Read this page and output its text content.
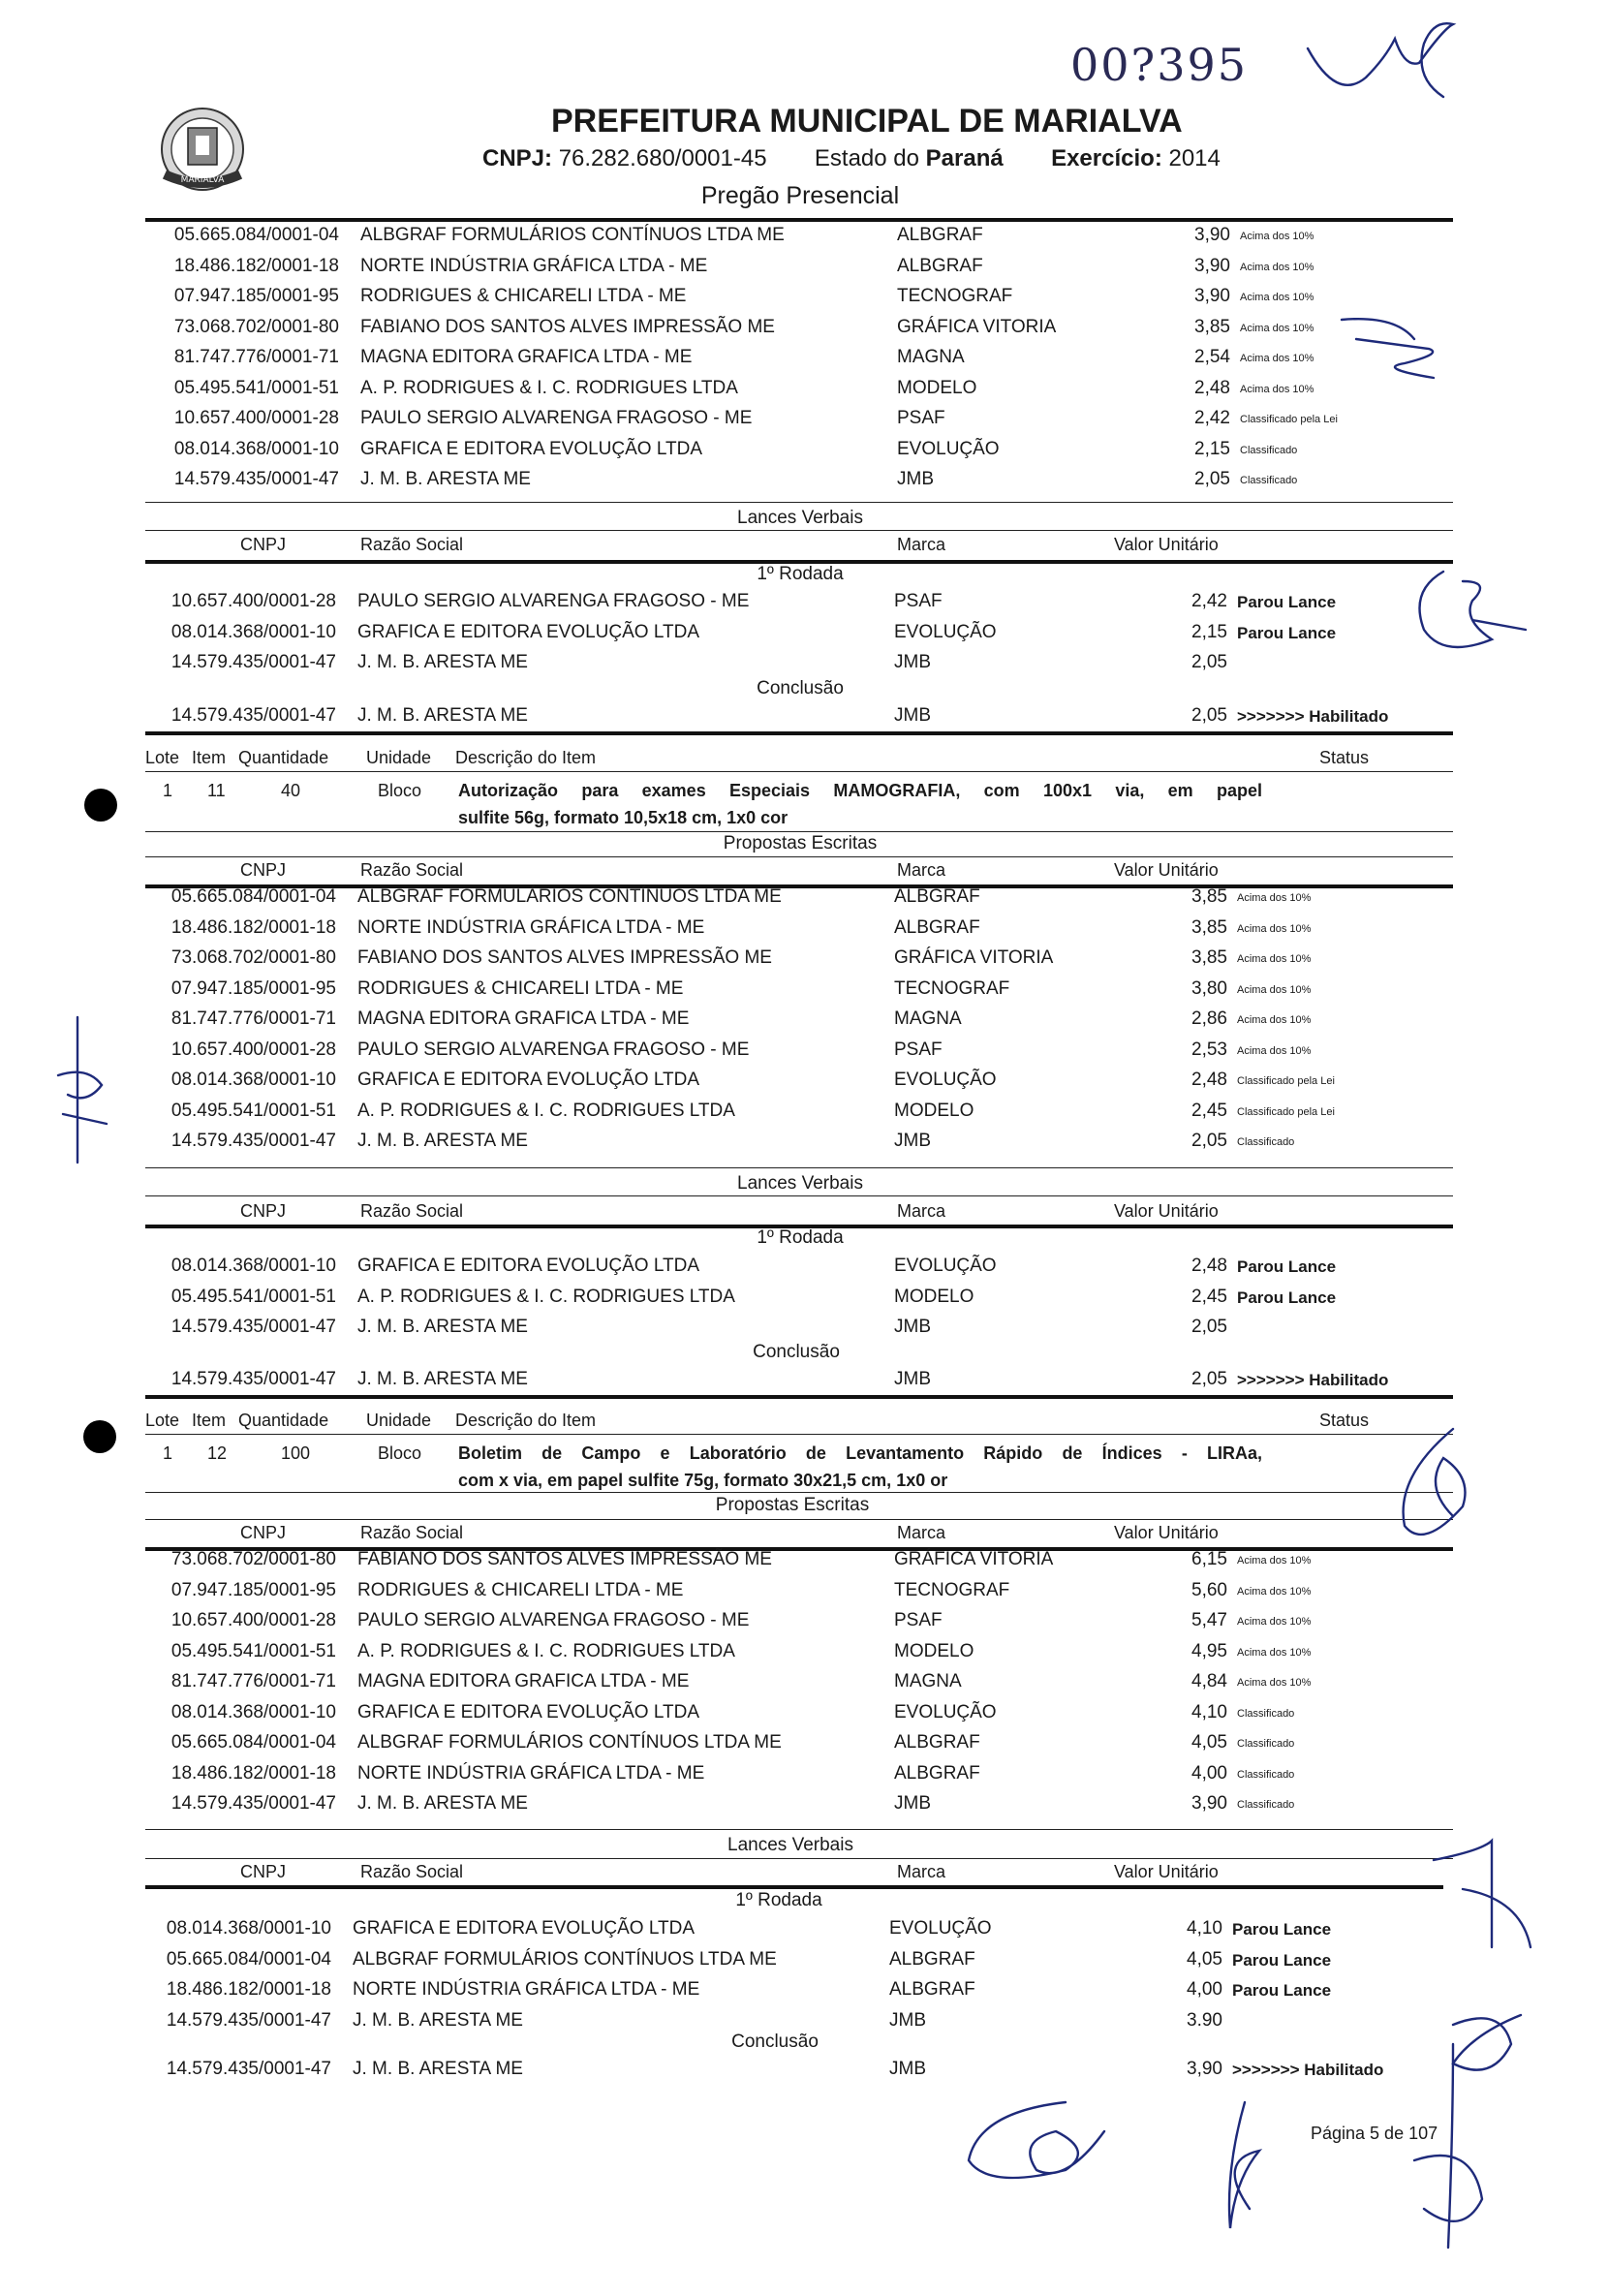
00?395
MARIALVA
PREFEITURA MUNICIPAL DE MARIALVA
CNPJ: 76.282.680/0001-45 Estado do Paraná Exercício: 2014
Pregão Presencial
05.665.084/0001-04 ALBGRAF FORMULÁRIOS CONTÍNUOS LTDA ME	ALBGRAF	3,90 Acima dos 10%
18.486.182/0001-18 NORTE INDÚSTRIA GRÁFICA LTDA - ME	ALBGRAF	3,90 Acima dos 10%
07.947.185/0001-95 RODRIGUES & CHICARELI LTDA - ME	TECNOGRAF	3,90 Acima dos 10%
73.068.702/0001-80 FABIANO DOS SANTOS ALVES IMPRESSÃO ME	GRÁFICA VITORIA	3,85 Acima dos 10%
81.747.776/0001-71 MAGNA EDITORA GRAFICA LTDA - ME	MAGNA	2,54 Acima dos 10%
05.495.541/0001-51 A. P. RODRIGUES & I. C. RODRIGUES LTDA	MODELO	2,48 Acima dos 10%
10.657.400/0001-28 PAULO SERGIO ALVARENGA FRAGOSO - ME	PSAF	2,42 Classificado pela Lei
08.014.368/0001-10 GRAFICA E EDITORA EVOLUÇÃO LTDA	EVOLUÇÃO	2,15 Classificado
14.579.435/0001-47 J. M. B. ARESTA ME	JMB	2,05 Classificado
Lances Verbais
CNPJ	Razão Social	Marca	Valor Unitário
1º Rodada
10.657.400/0001-28 PAULO SERGIO ALVARENGA FRAGOSO - ME	PSAF	2,42 Parou Lance
08.014.368/0001-10 GRAFICA E EDITORA EVOLUÇÃO LTDA	EVOLUÇÃO	2,15 Parou Lance
14.579.435/0001-47 J. M. B. ARESTA ME	JMB	2,05
Conclusão
14.579.435/0001-47 J. M. B. ARESTA ME	JMB	2,05 >>>>>>> Habilitado
Lote Item Quantidade Unidade Descrição do Item	Status
1 11	40	Bloco Autorização para exames Especiais MAMOGRAFIA, com 100x1 via, em papel
sulfite 56g, formato 10,5x18 cm, 1x0 cor
Propostas Escritas
CNPJ	Razão Social	Marca	Valor Unitário
05.665.084/0001-04 ALBGRAF FORMULÁRIOS CONTÍNUOS LTDA ME	ALBGRAF	3,85 Acima dos 10%
18.486.182/0001-18 NORTE INDÚSTRIA GRÁFICA LTDA - ME	ALBGRAF	3,85 Acima dos 10%
73.068.702/0001-80 FABIANO DOS SANTOS ALVES IMPRESSÃO ME	GRÁFICA VITORIA	3,85 Acima dos 10%
07.947.185/0001-95 RODRIGUES & CHICARELI LTDA - ME	TECNOGRAF	3,80 Acima dos 10%
81.747.776/0001-71 MAGNA EDITORA GRAFICA LTDA - ME	MAGNA	2,86 Acima dos 10%
10.657.400/0001-28 PAULO SERGIO ALVARENGA FRAGOSO - ME	PSAF	2,53 Acima dos 10%
08.014.368/0001-10 GRAFICA E EDITORA EVOLUÇÃO LTDA	EVOLUÇÃO	2,48 Classificado pela Lei
05.495.541/0001-51 A. P. RODRIGUES & I. C. RODRIGUES LTDA	MODELO	2,45 Classificado pela Lei
14.579.435/0001-47 J. M. B. ARESTA ME	JMB	2,05 Classificado
Lances Verbais
CNPJ	Razão Social	Marca	Valor Unitário
1º Rodada
08.014.368/0001-10 GRAFICA E EDITORA EVOLUÇÃO LTDA	EVOLUÇÃO	2,48 Parou Lance
05.495.541/0001-51 A. P. RODRIGUES & I. C. RODRIGUES LTDA	MODELO	2,45 Parou Lance
14.579.435/0001-47 J. M. B. ARESTA ME	JMB	2,05
Conclusão
14.579.435/0001-47 J. M. B. ARESTA ME	JMB	2,05 >>>>>>> Habilitado
Lote Item Quantidade Unidade Descrição do Item	Status
1 12	100	Bloco Boletim de Campo e Laboratório de Levantamento Rápido de Índices - LIRAa,
com x via, em papel sulfite 75g, formato 30x21,5 cm, 1x0 or
Propostas Escritas
CNPJ	Razão Social	Marca	Valor Unitário
73.068.702/0001-80 FABIANO DOS SANTOS ALVES IMPRESSÃO ME	GRÁFICA VITORIA	6,15 Acima dos 10%
07.947.185/0001-95 RODRIGUES & CHICARELI LTDA - ME	TECNOGRAF	5,60 Acima dos 10%
10.657.400/0001-28 PAULO SERGIO ALVARENGA FRAGOSO - ME	PSAF	5,47 Acima dos 10%
05.495.541/0001-51 A. P. RODRIGUES & I. C. RODRIGUES LTDA	MODELO	4,95 Acima dos 10%
81.747.776/0001-71 MAGNA EDITORA GRAFICA LTDA - ME	MAGNA	4,84 Acima dos 10%
08.014.368/0001-10 GRAFICA E EDITORA EVOLUÇÃO LTDA	EVOLUÇÃO	4,10 Classificado
05.665.084/0001-04 ALBGRAF FORMULÁRIOS CONTÍNUOS LTDA ME	ALBGRAF	4,05 Classificado
18.486.182/0001-18 NORTE INDÚSTRIA GRÁFICA LTDA - ME	ALBGRAF	4,00 Classificado
14.579.435/0001-47 J. M. B. ARESTA ME	JMB	3,90 Classificado
Lances Verbais
CNPJ	Razão Social	Marca	Valor Unitário
1º Rodada
08.014.368/0001-10 GRAFICA E EDITORA EVOLUÇÃO LTDA	EVOLUÇÃO	4,10 Parou Lance
05.665.084/0001-04 ALBGRAF FORMULÁRIOS CONTÍNUOS LTDA ME	ALBGRAF	4,05 Parou Lance
18.486.182/0001-18 NORTE INDÚSTRIA GRÁFICA LTDA - ME	ALBGRAF	4,00 Parou Lance
14.579.435/0001-47 J. M. B. ARESTA ME	JMB	3.90
Conclusão
14.579.435/0001-47 J. M. B. ARESTA ME	JMB	3,90 >>>>>>> Habilitado
Página 5 de 107
